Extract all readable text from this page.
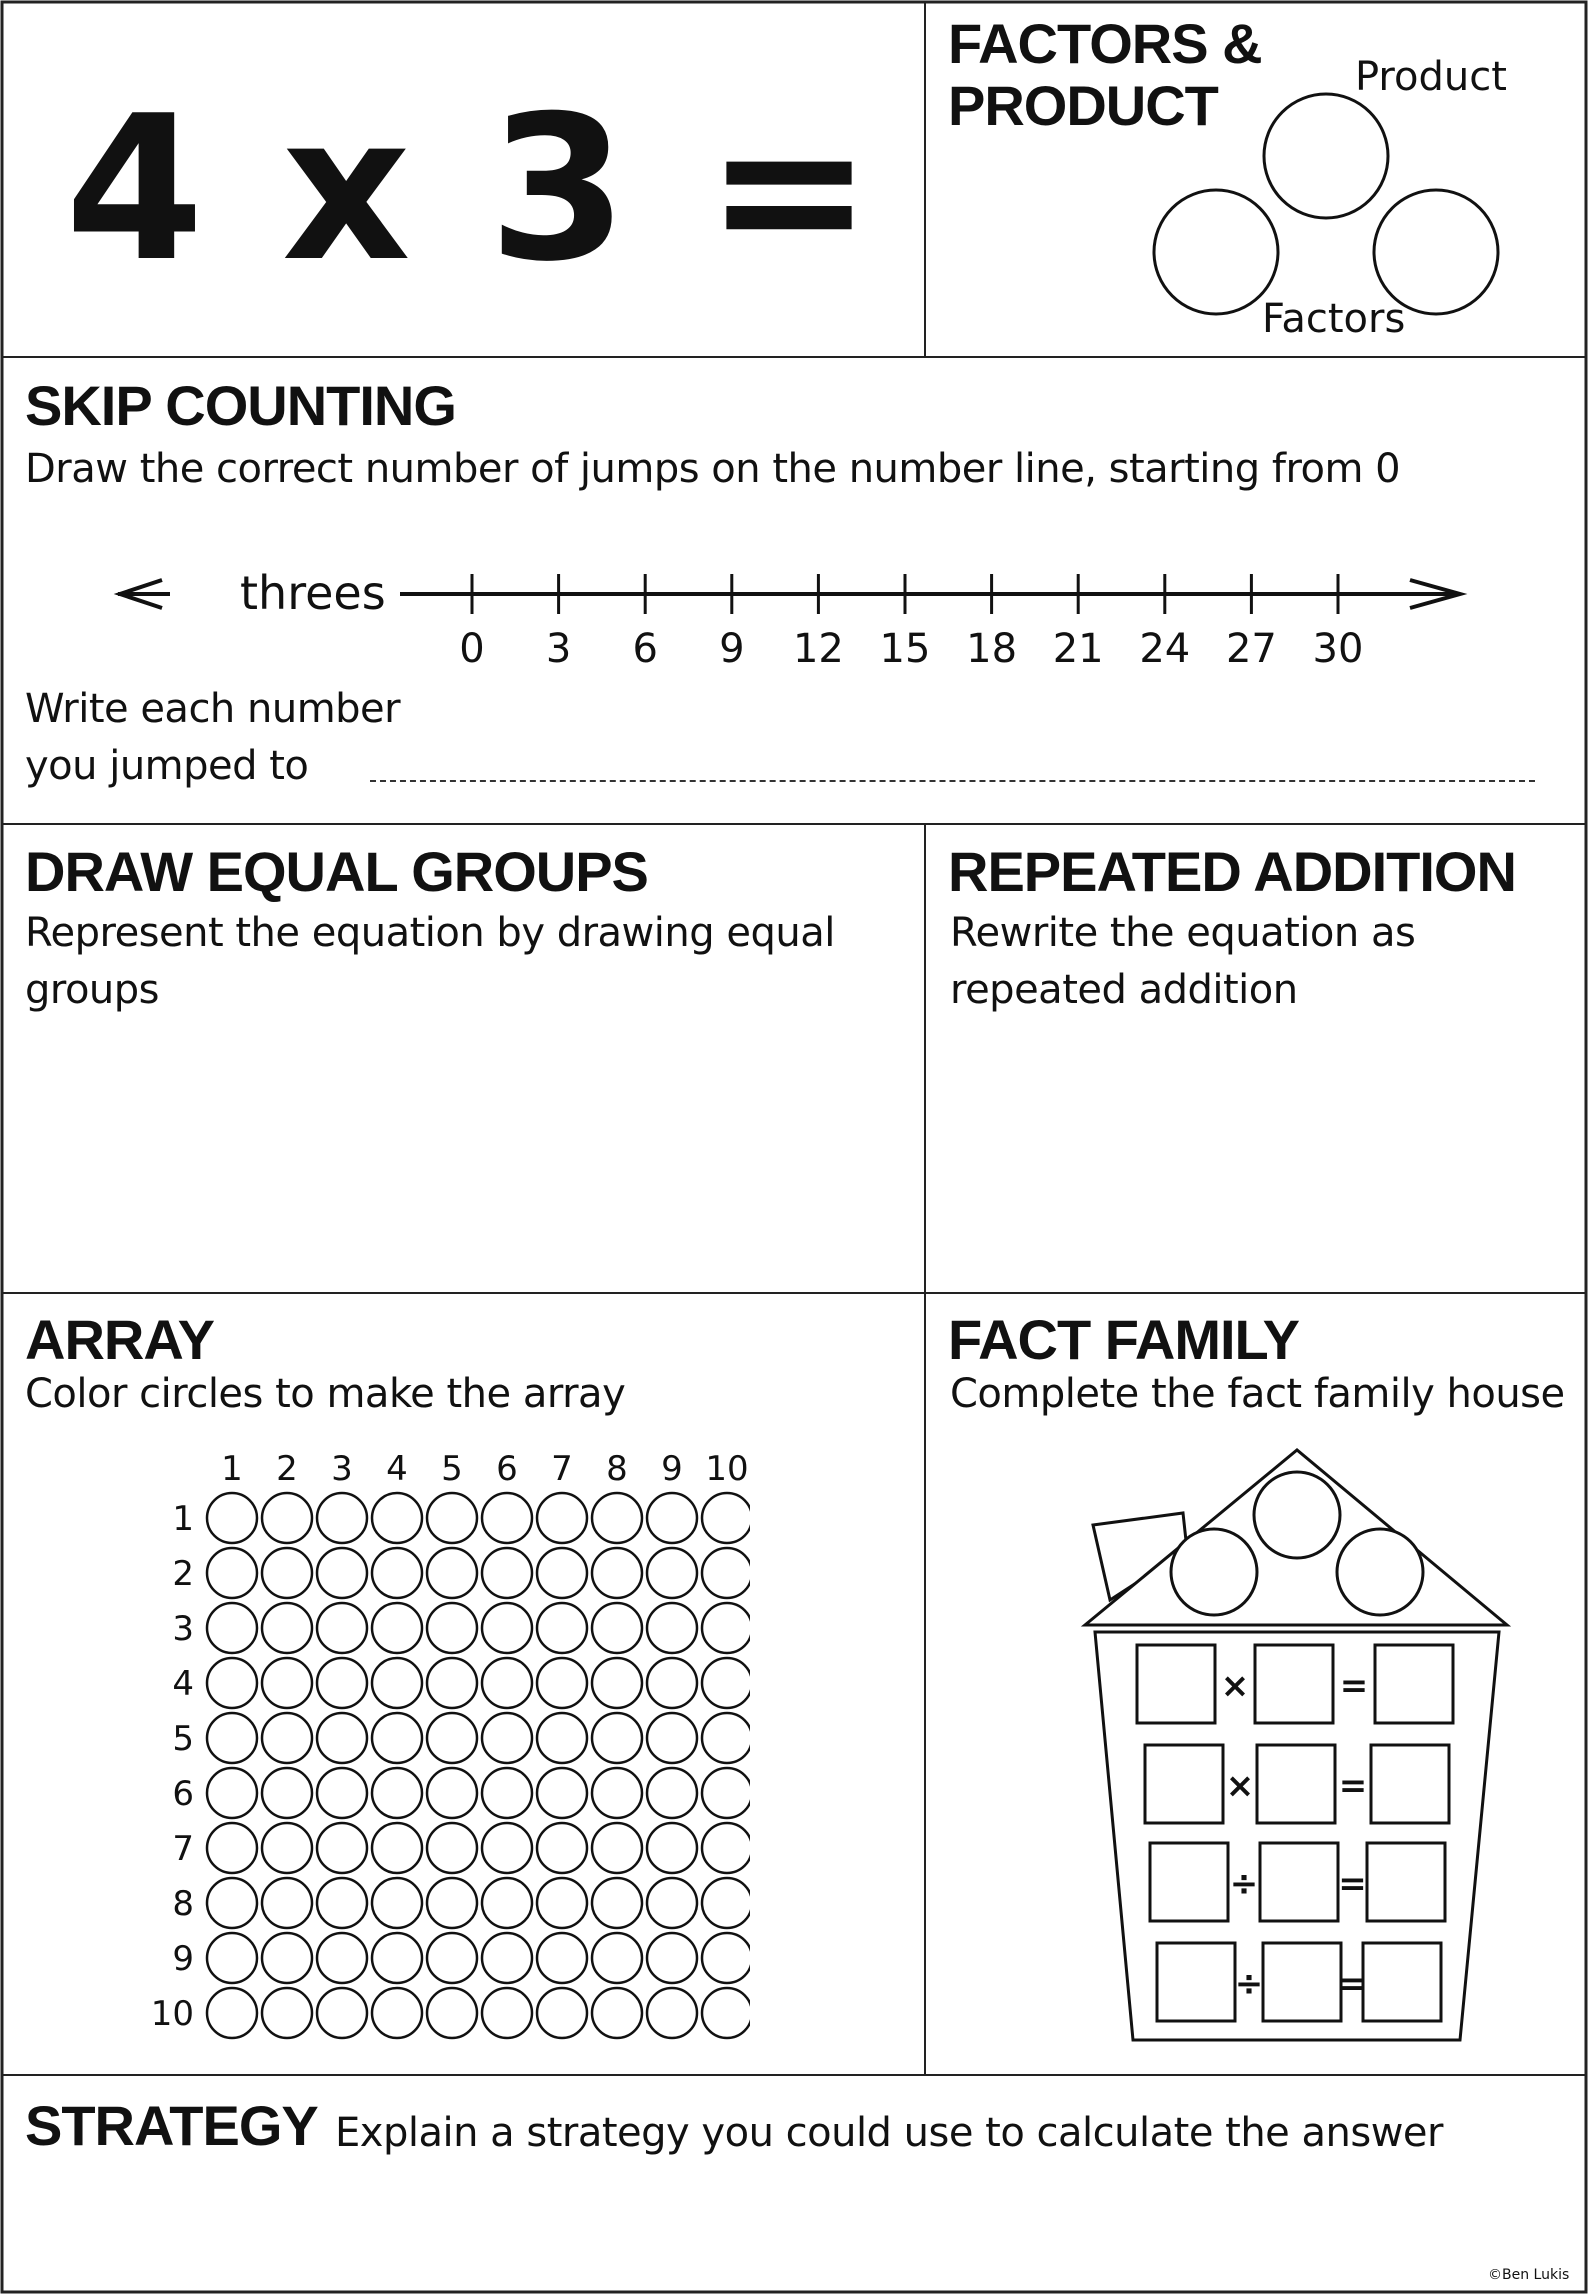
4 x 3 =
FACTORS &
PRODUCT	Product
Factors
SKIP COUNTING
Draw the correct number of jumps on the number line, starting from 0
0 3 6 9 12 15 18 21 24 27 30
threes
Write each number
you jumped to
DRAW EQUAL GROUPS
Represent the equation by drawing equal
groups
REPEATED ADDITION
Rewrite the equation as
repeated addition
ARRAY
Color circles to make the array
1 2 3 4 5 6 7 8 9 10
1
2
3
4
5
6
7
8
9
10
FACT FAMILY
Complete the fact family house
×	=
× =
÷ =
÷ =
STRATEGY Explain a strategy you could use to calculate the answer
©Ben Lukis
